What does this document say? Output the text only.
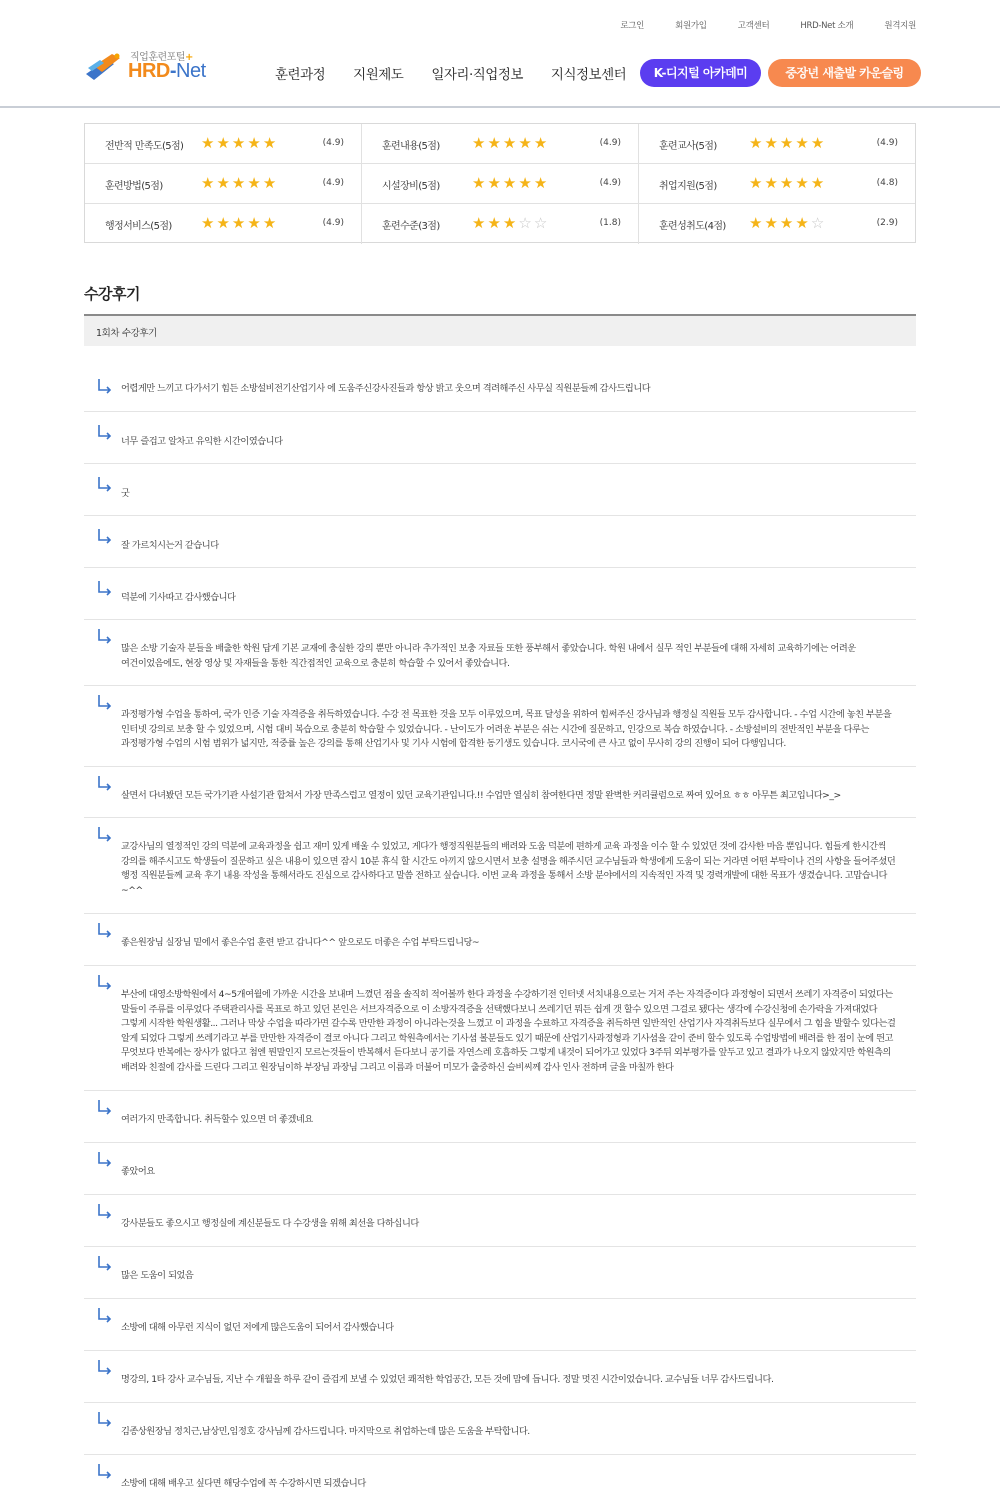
로그인	회원가입	고객센터	HRD-Net 소개	원격지원
직업훈련포털+
HRD-Net	훈련과정 지원제도 일자리·직업정보 지식정보센터	K-디지털 아카데미	중장년 새출발 카운슬링
전반적 만족도(5점) ★★★★★	(4.9)	훈련내용(5점) ★★★★★	(4.9)	훈련교사(5점) ★★★★★	(4.9)
훈련방법(5점)	★★★★★	(4.9)	시설장비(5점) ★★★★★	(4.9)	취업지원(5점) ★★★★★	(4.8)
행정서비스(5점) ★★★★★	(4.9)	훈련수준(3점) ★★★☆☆	(1.8)	훈련성취도(4점) ★★★★☆	(2.9)
수강후기
1회차 수강후기
어렵게만 느끼고 다가서기 힘든 소방설비전기산업기사 에 도움주신강사진들과 항상 밝고 웃으며 격려해주신 사무실 직원분들께 감사드립니다
너무 즐겁고 알차고 유익한 시간이였습니다
굿
잘 가르치시는거 같습니다
덕분에 기사따고 감사했습니다
많은 소방 기술자 분들을 배출한 학원 답게 기본 교재에 충실한 강의 뿐만 아니라 추가적인 보충 자료들 또한 풍부해서 좋았습니다. 학원 내에서 실무 적인 부분들에 대해 자세히 교육하기에는 어려운 여건이었음에도, 현장 영상 및 자재들을 통한 직간접적인 교육으로 충분히 학습할 수 있어서 좋았습니다.
과정평가형 수업을 통하여, 국가 인증 기술 자격증을 취득하였습니다. 수강 전 목표한 것을 모두 이루었으며, 목표 달성을 위하여 힘써주신 강사님과 행정실 직원들 모두 감사합니다. - 수업 시간에 놓친 부분을 인터넷 강의로 보충 할 수 있었으며, 시험 대비 복습으로 충분히 학습할 수 있었습니다. - 난이도가 어려운 부분은 쉬는 시간에 질문하고, 인강으로 복습 하였습니다. - 소방설비의 전반적인 부분을 다루는 과정평가형 수업의 시험 범위가 넓지만, 적중률 높은 강의를 통해 산업기사 및 기사 시험에 합격한 동기생도 있습니다. 코시국에 큰 사고 없이 무사히 강의 진행이 되어 다행입니다.
살면서 다녀봤던 모든 국가기관 사설기관 합쳐서 가장 만족스럽고 열정이 있던 교육기관입니다.!! 수업만 열심히 참여한다면 정말 완벽한 커리큘럼으로 짜여 있어요 ㅎㅎ 아무튼 최고입니다>_>
교강사님의 열정적인 강의 덕분에 교육과정을 쉽고 재미 있게 배울 수 있었고, 게다가 행정직원분들의 배려와 도움 덕분에 편하게 교육 과정을 이수 할 수 있었던 것에 감사한 마음 뿐입니다. 힘들게 한시간씩 강의를 해주시고도 학생들이 질문하고 싶은 내용이 있으면 잠시 10분 휴식 할 시간도 아끼지 않으시면서 보충 설명을 해주시던 교수님들과 학생에게 도움이 되는 거라면 어떤 부탁이나 건의 사항을 들어주셨던 행정 직원분들께 교육 후기 내용 작성을 통해서라도 진심으로 감사하다고 말씀 전하고 싶습니다. 이번 교육 과정을 통해서 소방 분야에서의 지속적인 자격 및 경력개발에 대한 목표가 생겼습니다. 고맙습니다~^^
좋은원장님 실장님 밑에서 좋은수업 훈련 받고 갑니다^^ 앞으로도 더좋은 수업 부탁드립니당~
부산에 대영소방학원에서 4~5개여월에 가까운 시간을 보내며 느꼈던 점을 솔직히 적어볼까 한다 과정을 수강하기전 인터넷 서치내용으로는 거저 주는 자격증이다 과정형이 되면서 쓰레기 자격증이 되었다는 말들이 주류를 이루었다 주택관리사를 목표로 하고 있던 본인은 서브자격증으로 이 소방자격증을 선택했다보니 쓰레기던 뭐든 쉽게 갯 할수 있으면 그걸로 됐다는 생각에 수강신청에 손가락을 가져대었다 그렇게 시작한 학원생활... 그러나 막상 수업을 따라가면 갈수록 만만한 과정이 아니라는것을 느꼈고 이 과정을 수료하고 자격증을 취득하면 일반적인 산업기사 자격취득보다 실무에서 그 힘을 발할수 있다는걸 알게 되었다 그렇게 쓰레기라고 부를 만만한 자격증이 결코 아니다 그리고 학원측에서는 기사셤 볼분들도 있기 때문에 산업기사과정형과 기사셤을 같이 준비 할수 있도록 수업방법에 배려를 한 점이 눈에 띈고 무엇보다 반복에는 장사가 없다고 첨엔 뭔말인지 모르는것들이 반복해서 듣다보니 공기를 자연스레 호흡하듯 그렇게 내것이 되어가고 있었다 3주뒤 외부평가를 앞두고 있고 결과가 나오지 않았지만 학원측의 배려와 친절에 감사를 드린다 그리고 원장님이하 부장님 과장님 그리고 이름과 더불어 미모가 출중하신 슬비씨께 감사 인사 전하며 글을 마칠까 한다
여러가지 만족합니다. 취득할수 있으면 더 좋겠네요
좋았어요
강사분들도 좋으시고 행정실에 계신분들도 다 수강생을 위해 최선을 다하십니다
많은 도움이 되었음
소방에 대해 아무런 지식이 없던 저에게 많은도움이 되어서 감사했습니다
명강의, 1타 강사 교수님들, 지난 수 개월을 하루 같이 즐겁게 보낼 수 있었던 쾌적한 학업공간, 모든 것에 맘에 듭니다. 정말 멋진 시간이었습니다. 교수님들 너무 감사드립니다.
김종상원장님 정치근,남상민,임정호 강사님께 감사드립니다. 마지막으로 취업하는데 많은 도움을 부탁합니다.
소방에 대해 배우고 싶다면 해당수업에 꼭 수강하시면 되겠습니다
